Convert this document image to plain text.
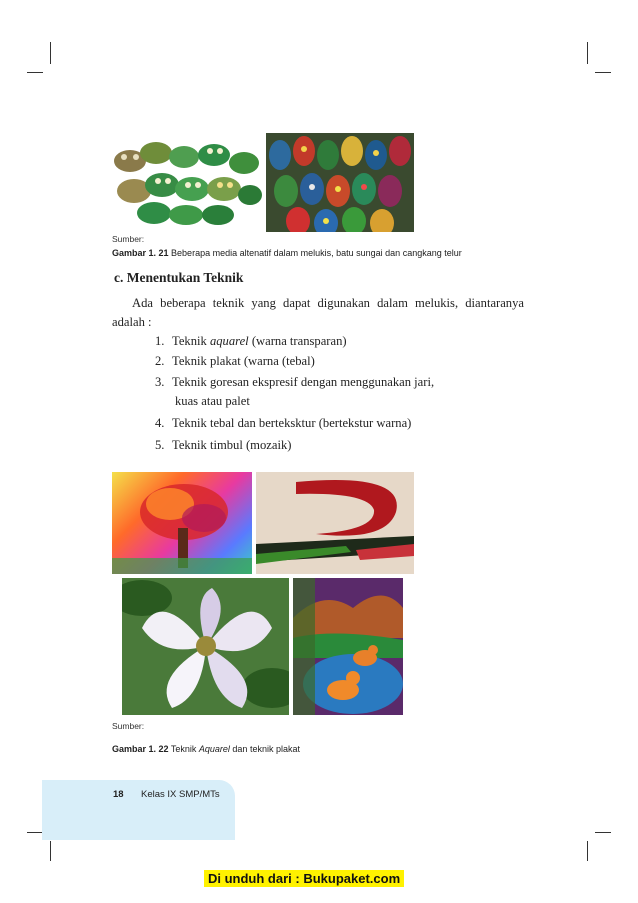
Sumber:
Gambar 1. 21 Beberapa media altenatif dalam melukis, batu sungai dan cangkang telur
c. Menentukan Teknik
Ada beberapa teknik yang dapat digunakan dalam melukis, diantaranya adalah :
1. Teknik aquarel (warna transparan)
2. Teknik plakat (warna (tebal)
3. Teknik goresan ekspresif dengan menggunakan jari,
kuas atau palet
4. Teknik tebal dan berteksktur (bertekstur warna)
5. Teknik timbul (mozaik)
Sumber:
Gambar 1. 22 Teknik Aquarel dan teknik plakat
18 Kelas IX SMP/MTs
Di unduh dari : Bukupaket.com
